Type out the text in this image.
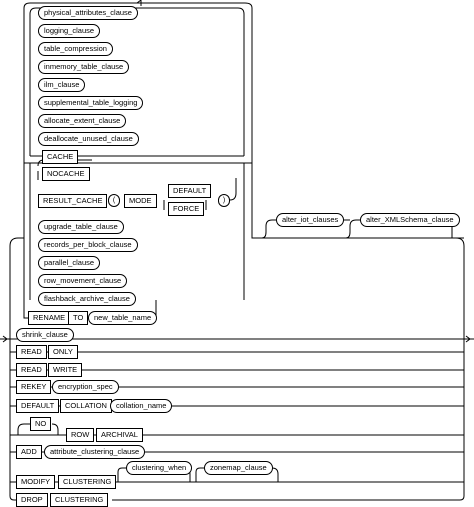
physical_attributes_clause
logging_clause
table_compression
inmemory_table_clause
ilm_clause
supplemental_table_logging
allocate_extent_clause
deallocate_unused_clause
CACHE
NOCACHE
RESULT_CACHE	(	MODE
DEFAULT
FORCE
)
upgrade_table_clause
records_per_block_clause
parallel_clause
row_movement_clause
flashback_archive_clause
RENAME	TO	new_table_name
alter_iot_clauses	alter_XMLSchema_clause
shrink_clause
READ	ONLY
READ	WRITE
REKEY	encryption_spec
DEFAULT	COLLATION	collation_name
NO
ROW	ARCHIVAL
ADD	attribute_clustering_clause
MODIFY	CLUSTERING
clustering_when	zonemap_clause
DROP	CLUSTERING
